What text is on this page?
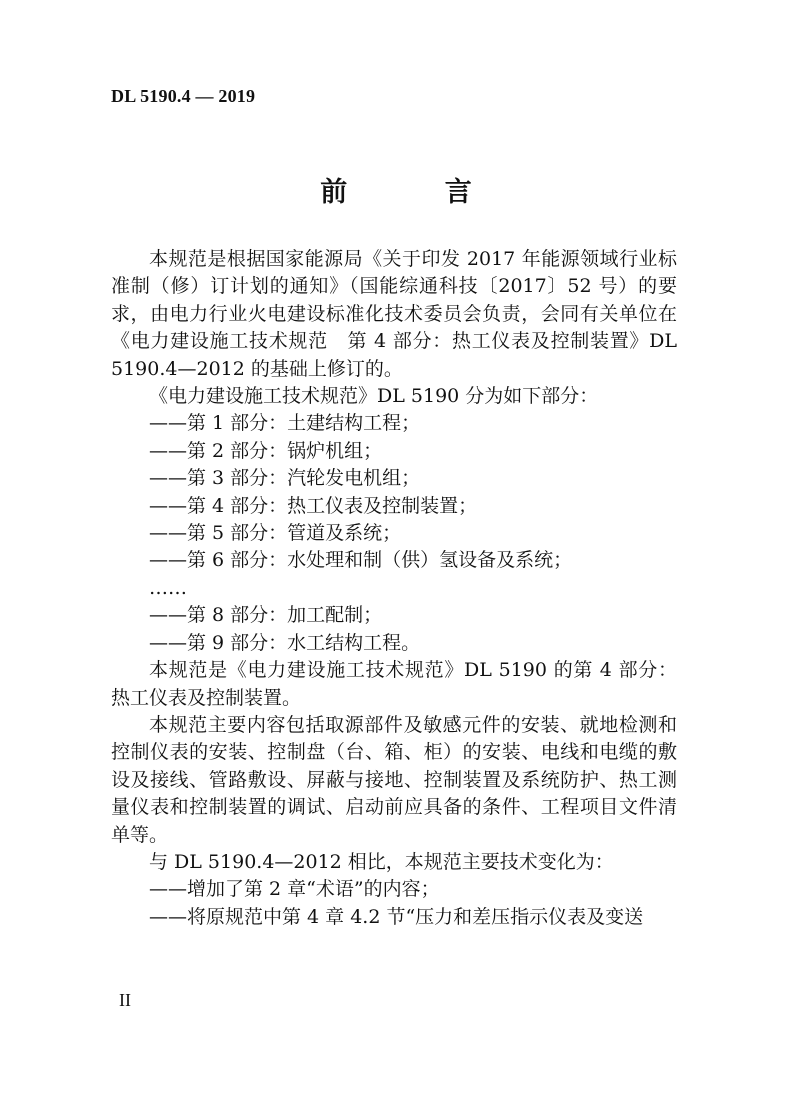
DL 5190.4 — 2019
前 言

本规范是根据国家能源局《关于印发 2017 年能源领域行业标准制（修）订计划的通知》（国能综通科技〔2017〕52 号）的要求，由电力行业火电建设标准化技术委员会负责，会同有关单位在《电力建设施工技术规范　第 4 部分：热工仪表及控制装置》DL 5190.4—2012 的基础上修订的。

《电力建设施工技术规范》DL 5190 分为如下部分：

——第 1 部分：土建结构工程；

——第 2 部分：锅炉机组；

——第 3 部分：汽轮发电机组；

——第 4 部分：热工仪表及控制装置；

——第 5 部分：管道及系统；

——第 6 部分：水处理和制（供）氢设备及系统；

……

——第 8 部分：加工配制；

——第 9 部分：水工结构工程。

本规范是《电力建设施工技术规范》DL 5190 的第 4 部分：热工仪表及控制装置。

本规范主要内容包括取源部件及敏感元件的安装、就地检测和控制仪表的安装、控制盘（台、箱、柜）的安装、电线和电缆的敷设及接线、管路敷设、屏蔽与接地、控制装置及系统防护、热工测量仪表和控制装置的调试、启动前应具备的条件、工程项目文件清单等。

与 DL 5190.4—2012 相比，本规范主要技术变化为：

——增加了第 2 章“术语”的内容；

——将原规范中第 4 章 4.2 节“压力和差压指示仪表及变送

II
